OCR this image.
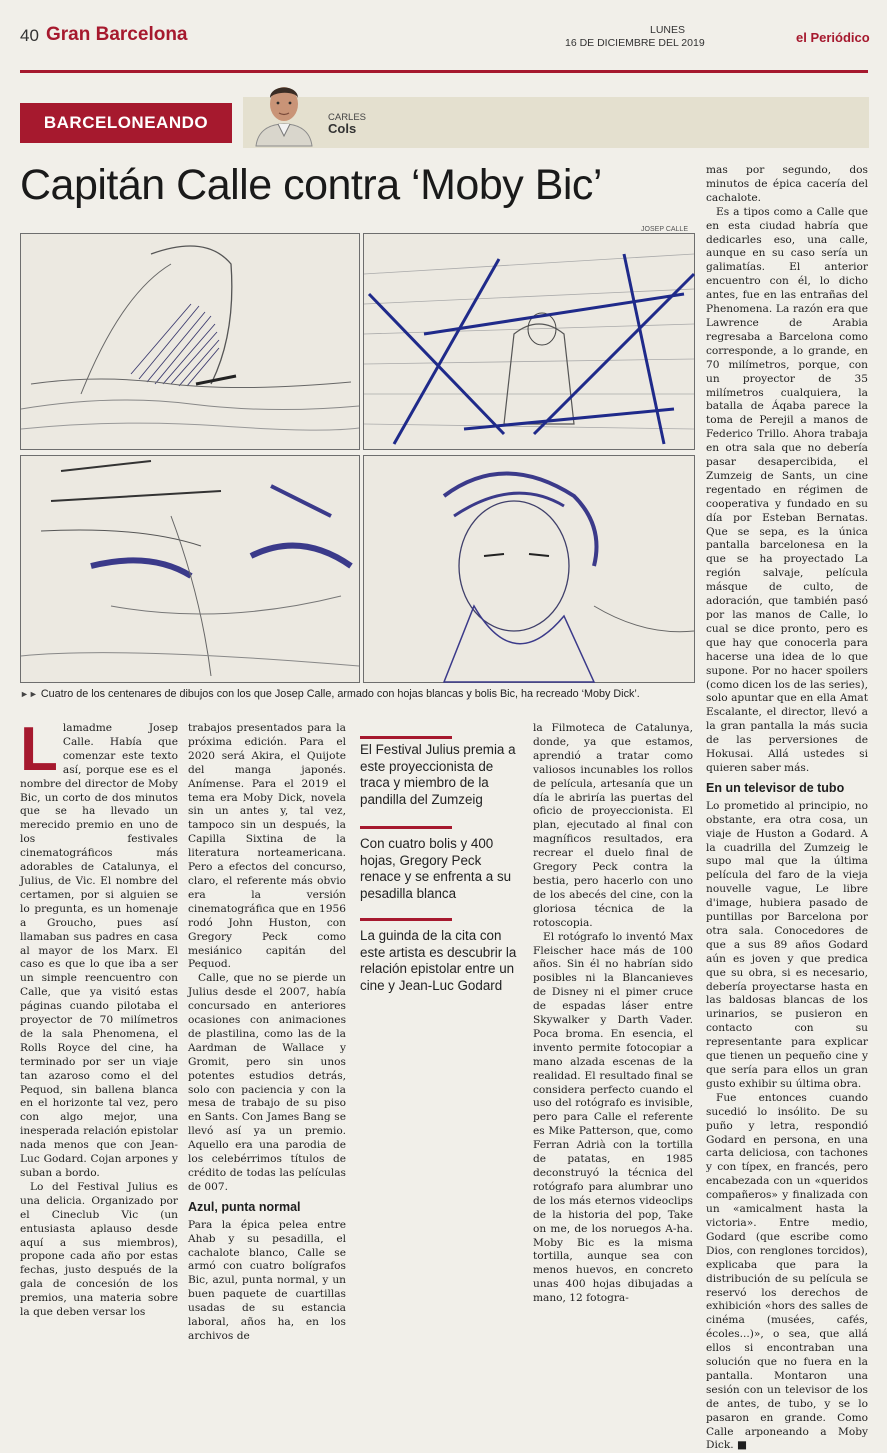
40 Gran Barcelona	LUNES
16 DE DICIEMBRE DEL 2019	el Periódico
BARCELONEANDO	CARLES
Cols
Capitán Calle contra ‘Moby Bic’
JOSEP CALLE
►► Cuatro de los centenares de dibujos con los que Josep Calle, armado con hojas blancas y bolis Bic, ha recreado ‘Moby Dick’.

Llamadme Josep Calle. Había que comenzar este texto así, porque ese es el nombre del director de Moby Bic, un corto de dos minutos que se ha llevado un merecido premio en uno de los festivales cinematográficos más adorables de Catalunya, el Julius, de Vic. El nombre del certamen, por si alguien se lo pregunta, es un homenaje a Groucho, pues así llamaban sus padres en casa al mayor de los Marx. El caso es que lo que iba a ser un simple reencuentro con Calle, que ya visitó estas páginas cuando pilotaba el proyector de 70 milímetros de la sala Phenomena, el Rolls Royce del cine, ha terminado por ser un viaje tan azaroso como el del Pequod, sin ballena blanca en el horizonte tal vez, pero con algo mejor, una inesperada relación epistolar nada menos que con Jean-Luc Godard. Cojan arpones y suban a bordo.

Lo del Festival Julius es una delicia. Organizado por el Cineclub Vic (un entusiasta aplauso desde aquí a sus miembros), propone cada año por estas fechas, justo después de la gala de concesión de los premios, una materia sobre la que deben versar los

trabajos presentados para la próxima edición. Para el 2020 será Akira, el Quijote del manga japonés. Anímense. Para el 2019 el tema era Moby Dick, novela sin un antes y, tal vez, tampoco sin un después, la Capilla Sixtina de la literatura norteamericana. Pero a efectos del concurso, claro, el referente más obvio era la versión cinematográfica que en 1956 rodó John Huston, con Gregory Peck como mesiánico capitán del Pequod.

Calle, que no se pierde un Julius desde el 2007, había concursado en anteriores ocasiones con animaciones de plastilina, como las de la Aardman de Wallace y Gromit, pero sin unos potentes estudios detrás, solo con paciencia y con la mesa de trabajo de su piso en Sants. Con James Bang se llevó así ya un premio. Aquello era una parodia de los celebérrimos títulos de crédito de todas las películas de 007.

Azul, punta normal

Para la épica pelea entre Ahab y su pesadilla, el cachalote blanco, Calle se armó con cuatro bolígrafos Bic, azul, punta normal, y un buen paquete de cuartillas usadas de su estancia laboral, años ha, en los archivos de

El Festival Julius premia a este proyeccionista de traca y miembro de la pandilla del Zumzeig
Con cuatro bolis y 400 hojas, Gregory Peck renace y se enfrenta a su pesadilla blanca
La guinda de la cita con este artista es descubrir la relación epistolar entre un cine y Jean-Luc Godard

la Filmoteca de Catalunya, donde, ya que estamos, aprendió a tratar como valiosos incunables los rollos de película, artesanía que un día le abriría las puertas del oficio de proyeccionista. El plan, ejecutado al final con magníficos resultados, era recrear el duelo final de Gregory Peck contra la bestia, pero hacerlo con uno de los abecés del cine, con la gloriosa técnica de la rotoscopia.

El rotógrafo lo inventó Max Fleischer hace más de 100 años. Sin él no habrían sido posibles ni la Blancanieves de Disney ni el pimer cruce de espadas láser entre Skywalker y Darth Vader. Poca broma. En esencia, el invento permite fotocopiar a mano alzada escenas de la realidad. El resultado final se considera perfecto cuando el uso del rotógrafo es invisible, pero para Calle el referente es Mike Patterson, que, como Ferran Adrià con la tortilla de patatas, en 1985 deconstruyó la técnica del rotógrafo para alumbrar uno de los más eternos videoclips de la historia del pop, Take on me, de los noruegos A-ha. Moby Bic es la misma tortilla, aunque sea con menos huevos, en concreto unas 400 hojas dibujadas a mano, 12 fotogra-

mas por segundo, dos minutos de épica cacería del cachalote.

Es a tipos como a Calle que en esta ciudad habría que dedicarles eso, una calle, aunque en su caso sería un galimatías. El anterior encuentro con él, lo dicho antes, fue en las entrañas del Phenomena. La razón era que Lawrence de Arabia regresaba a Barcelona como corresponde, a lo grande, en 70 milímetros, porque, con un proyector de 35 milímetros cualquiera, la batalla de Áqaba parece la toma de Perejil a manos de Federico Trillo. Ahora trabaja en otra sala que no debería pasar desapercibida, el Zumzeig de Sants, un cine regentado en régimen de cooperativa y fundado en su día por Esteban Bernatas. Que se sepa, es la única pantalla barcelonesa en la que se ha proyectado La región salvaje, película másque de culto, de adoración, que también pasó por las manos de Calle, lo cual se dice pronto, pero es que hay que conocerla para hacerse una idea de lo que supone. Por no hacer spoilers (como dicen los de las series), solo apuntar que en ella Amat Escalante, el director, llevó a la gran pantalla la más sucia de las perversiones de Hokusai. Allá ustedes si quieren saber más.

En un televisor de tubo

Lo prometido al principio, no obstante, era otra cosa, un viaje de Huston a Godard. A la cuadrilla del Zumzeig le supo mal que la última película del faro de la vieja nouvelle vague, Le libre d'image, hubiera pasado de puntillas por Barcelona por otra sala. Conocedores de que a sus 89 años Godard aún es joven y que predica que su obra, si es necesario, debería proyectarse hasta en las baldosas blancas de los urinarios, se pusieron en contacto con su representante para explicar que tienen un pequeño cine y que sería para ellos un gran gusto exhibir su última obra.

Fue entonces cuando sucedió lo insólito. De su puño y letra, respondió Godard en persona, en una carta deliciosa, con tachones y con típex, en francés, pero encabezada con un «queridos compañeros» y finalizada con un «amicalment hasta la victoria». Entre medio, Godard (que escribe como Dios, con renglones torcidos), explicaba que para la distribución de su película se reservó los derechos de exhibición «hors des salles de cinéma (musées, cafés, écoles...)», o sea, que allá ellos si encontraban una solución que no fuera en la pantalla. Montaron una sesión con un televisor de los de antes, de tubo, y se lo pasaron en grande. Como Calle arponeando a Moby Dick. ■
